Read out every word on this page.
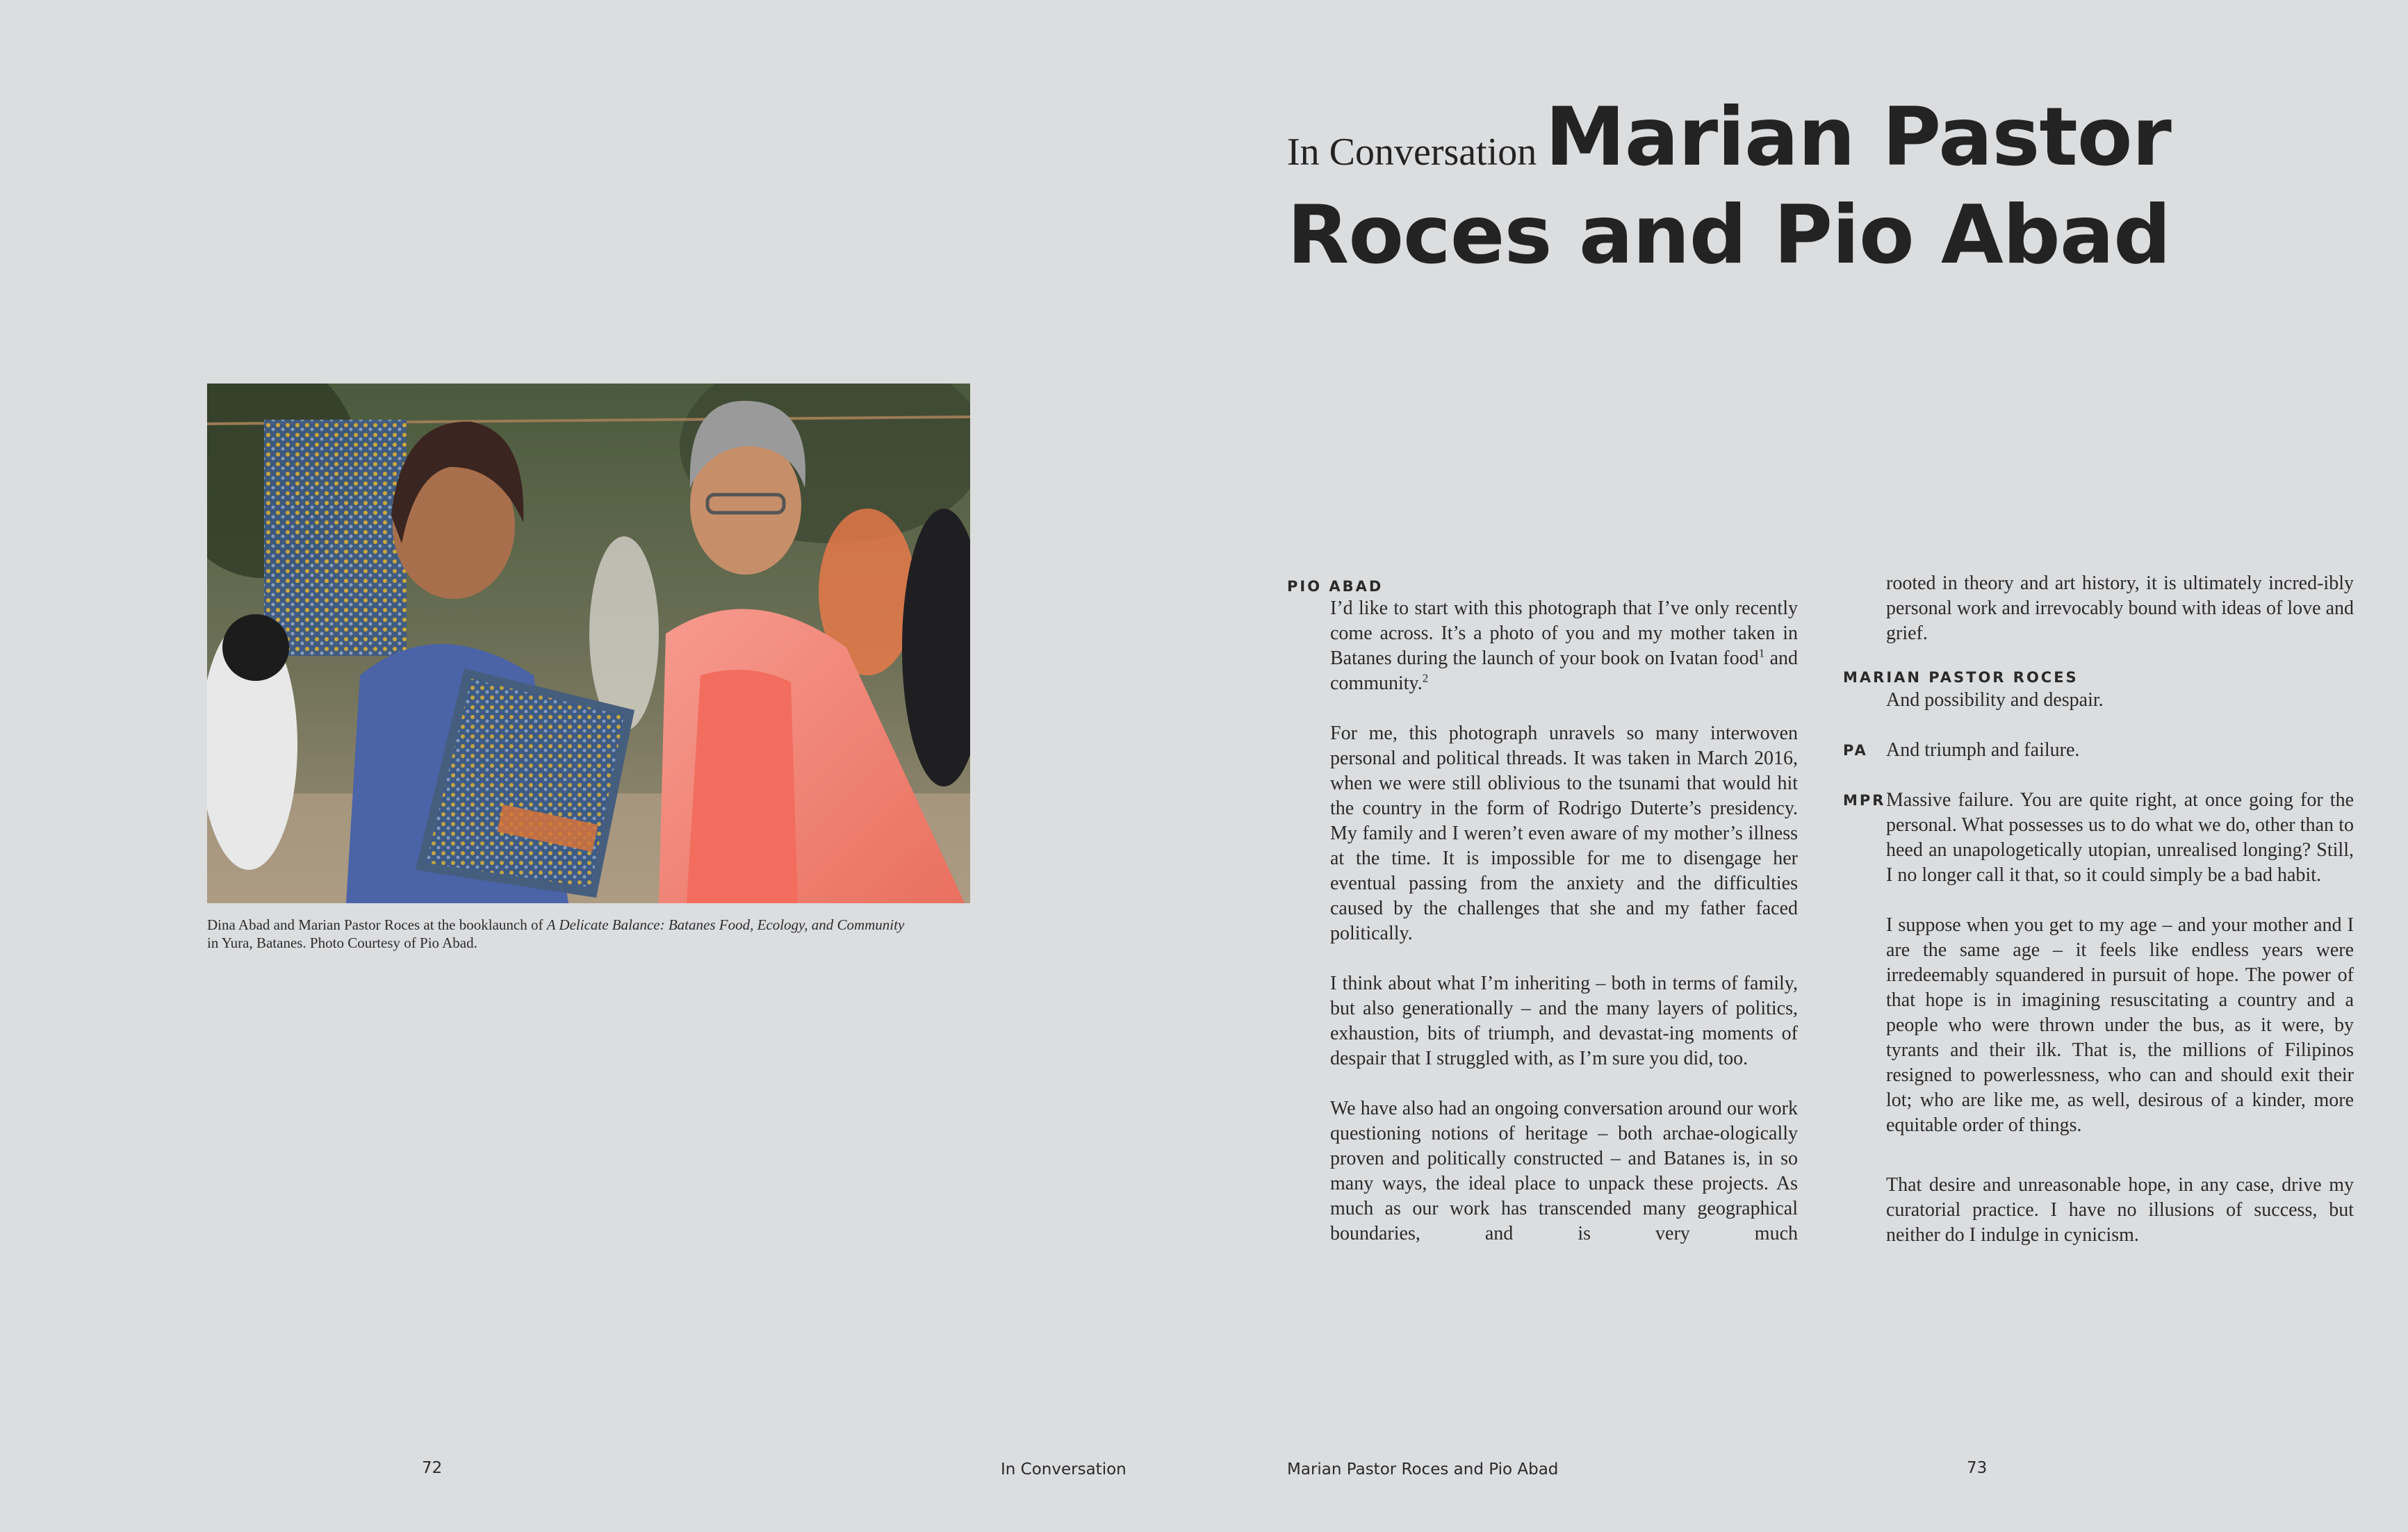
In Conversation Marian Pastor Roces and Pio Abad

Dina Abad and Marian Pastor Roces at the booklaunch of A Delicate Balance: Batanes Food, Ecology, and Community
in Yura, Batanes. Photo Courtesy of Pio Abad.

PIO ABAD

I’d like to start with this photograph that I’ve only recently come across. It’s a photo of you and my mother taken in Batanes during the launch of your book on Ivatan food$^1$ and community.$^2$

For me, this photograph unravels so many interwoven personal and political threads. It was taken in March 2016, when we were still oblivious to the tsunami that would hit the country in the form of Rodrigo Duterte’s presidency. My family and I weren’t even aware of my mother’s illness at the time. It is impossible for me to disengage her eventual passing from the anxiety and the difficulties caused by the challenges that she and my father faced politically.

I think about what I’m inheriting – both in terms of family, but also generationally – and the many layers of politics, exhaustion, bits of triumph, and devastat-ing moments of despair that I struggled with, as I’m sure you did, too.

We have also had an ongoing conversation around our work questioning notions of heritage – both archae-ologically proven and politically constructed – and Batanes is, in so many ways, the ideal place to unpack these projects. As much as our work has transcended many geographical boundaries, and is very much

rooted in theory and art history, it is ultimately incred-ibly personal work and irrevocably bound with ideas of love and grief.

MARIAN PASTOR ROCES

And possibility and despair.

PA And triumph and failure.

MPR Massive failure. You are quite right, at once going for the personal. What possesses us to do what we do, other than to heed an unapologetically utopian, unrealised longing? Still, I no longer call it that, so it could simply be a bad habit.

I suppose when you get to my age – and your mother and I are the same age – it feels like endless years were irredeemably squandered in pursuit of hope. The power of that hope is in imagining resuscitating a country and a people who were thrown under the bus, as it were, by tyrants and their ilk. That is, the millions of Filipinos resigned to powerlessness, who can and should exit their lot; who are like me, as well, desirous of a kinder, more equitable order of things.

That desire and unreasonable hope, in any case, drive my curatorial practice. I have no illusions of success, but neither do I indulge in cynicism.

72	In Conversation	Marian Pastor Roces and Pio Abad	73
